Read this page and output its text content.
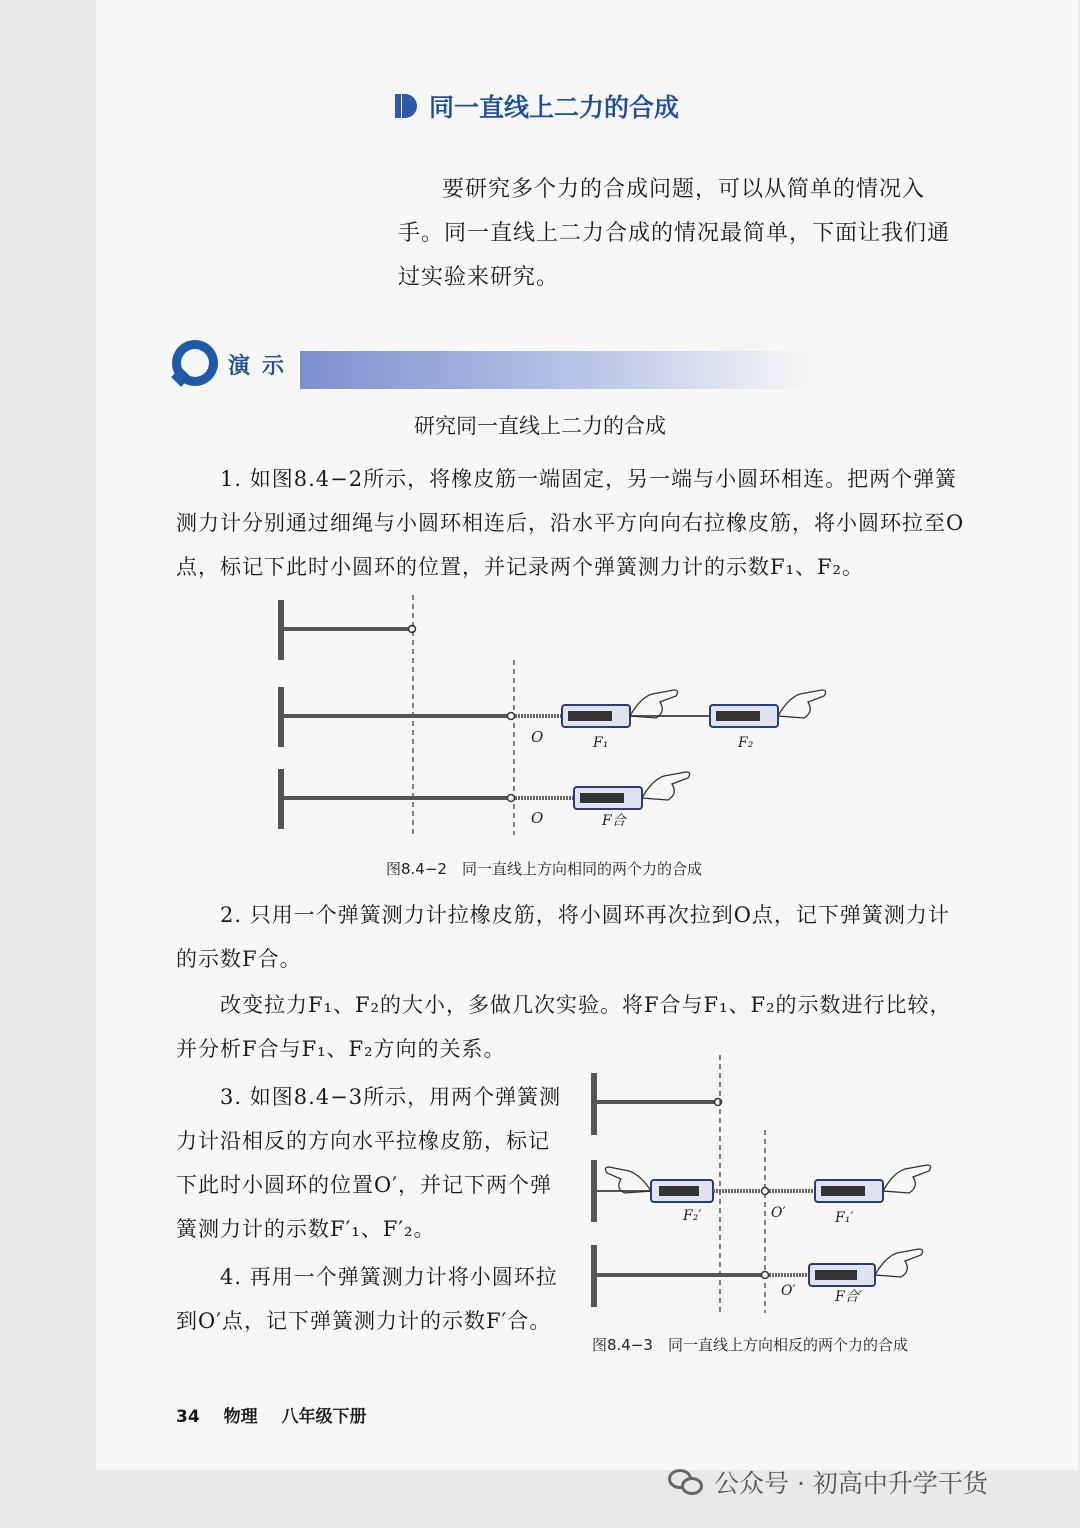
同一直线上二力的合成

要研究多个力的合成问题，可以从简单的情况入手。同一直线上二力合成的情况最简单，下面让我们通过实验来研究。

演示
研究同一直线上二力的合成

1. 如图8.4−2所示，将橡皮筋一端固定，另一端与小圆环相连。把两个弹簧测力计分别通过细绳与小圆环相连后，沿水平方向向右拉橡皮筋，将小圆环拉至O点，标记下此时小圆环的位置，并记录两个弹簧测力计的示数F₁、F₂。

O	F₁	F₂
O	F合
图8.4−2　同一直线上方向相同的两个力的合成

2. 只用一个弹簧测力计拉橡皮筋，将小圆环再次拉到O点，记下弹簧测力计的示数F合。

改变拉力F₁、F₂的大小，多做几次实验。将F合与F₁、F₂的示数进行比较，并分析F合与F₁、F₂方向的关系。

3. 如图8.4−3所示，用两个弹簧测力计沿相反的方向水平拉橡皮筋，标记下此时小圆环的位置O′，并记下两个弹簧测力计的示数F′₁、F′₂。

4. 再用一个弹簧测力计将小圆环拉到O′点，记下弹簧测力计的示数F′合。

F₂′	O′	F₁′
O′	F合′
图8.4−3　同一直线上方向相反的两个力的合成
34 物理 八年级下册
公众号 · 初高中升学干货
